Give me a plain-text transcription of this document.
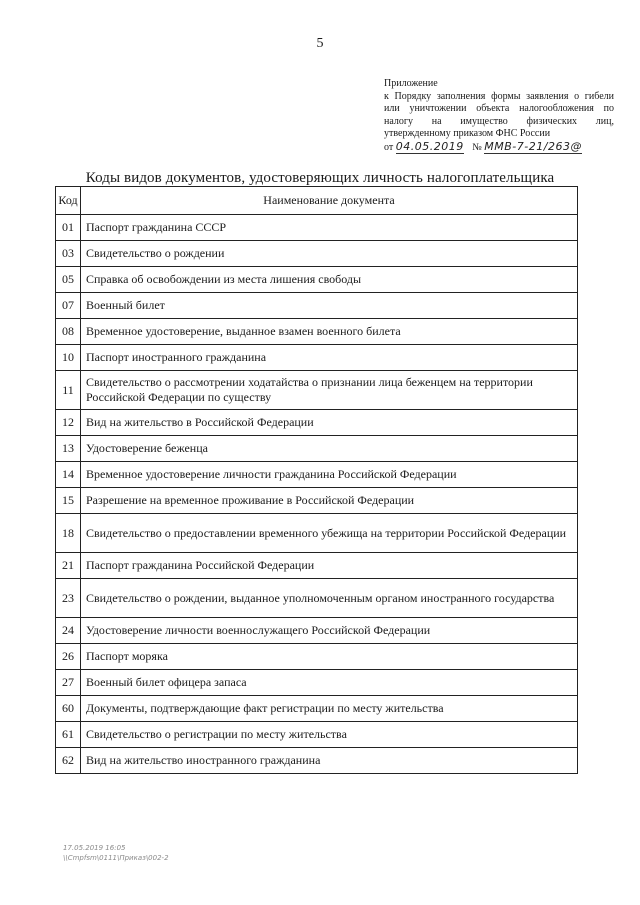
5
Приложение
к Порядку заполнения формы заявления о гибели
или уничтожении объекта налогообложения по
налогу на имущество физических лиц,
утвержденному приказом ФНС России
от 04.05.2019 № ММВ-7-21/263@
Коды видов документов, удостоверяющих личность налогоплательщика
Код	Наименование документа
01	Паспорт гражданина СССР
03	Свидетельство о рождении
05	Справка об освобождении из места лишения свободы
07	Военный билет
08	Временное удостоверение, выданное взамен военного билета
10	Паспорт иностранного гражданина
11	Свидетельство о рассмотрении ходатайства о признании лица беженцем на территории Российской Федерации по существу
12	Вид на жительство в Российской Федерации
13	Удостоверение беженца
14	Временное удостоверение личности гражданина Российской Федерации
15	Разрешение на временное проживание в Российской Федерации
18	Свидетельство о предоставлении временного убежища на территории Российской Федерации
21	Паспорт гражданина Российской Федерации
23	Свидетельство о рождении, выданное уполномоченным органом иностранного государства
24	Удостоверение личности военнослужащего Российской Федерации
26	Паспорт моряка
27	Военный билет офицера запаса
60	Документы, подтверждающие факт регистрации по месту жительства
61	Свидетельство о регистрации по месту жительства
62	Вид на жительство иностранного гражданина
17.05.2019 16:05
\\Cmpfsm\0111\Приказ\002-2
